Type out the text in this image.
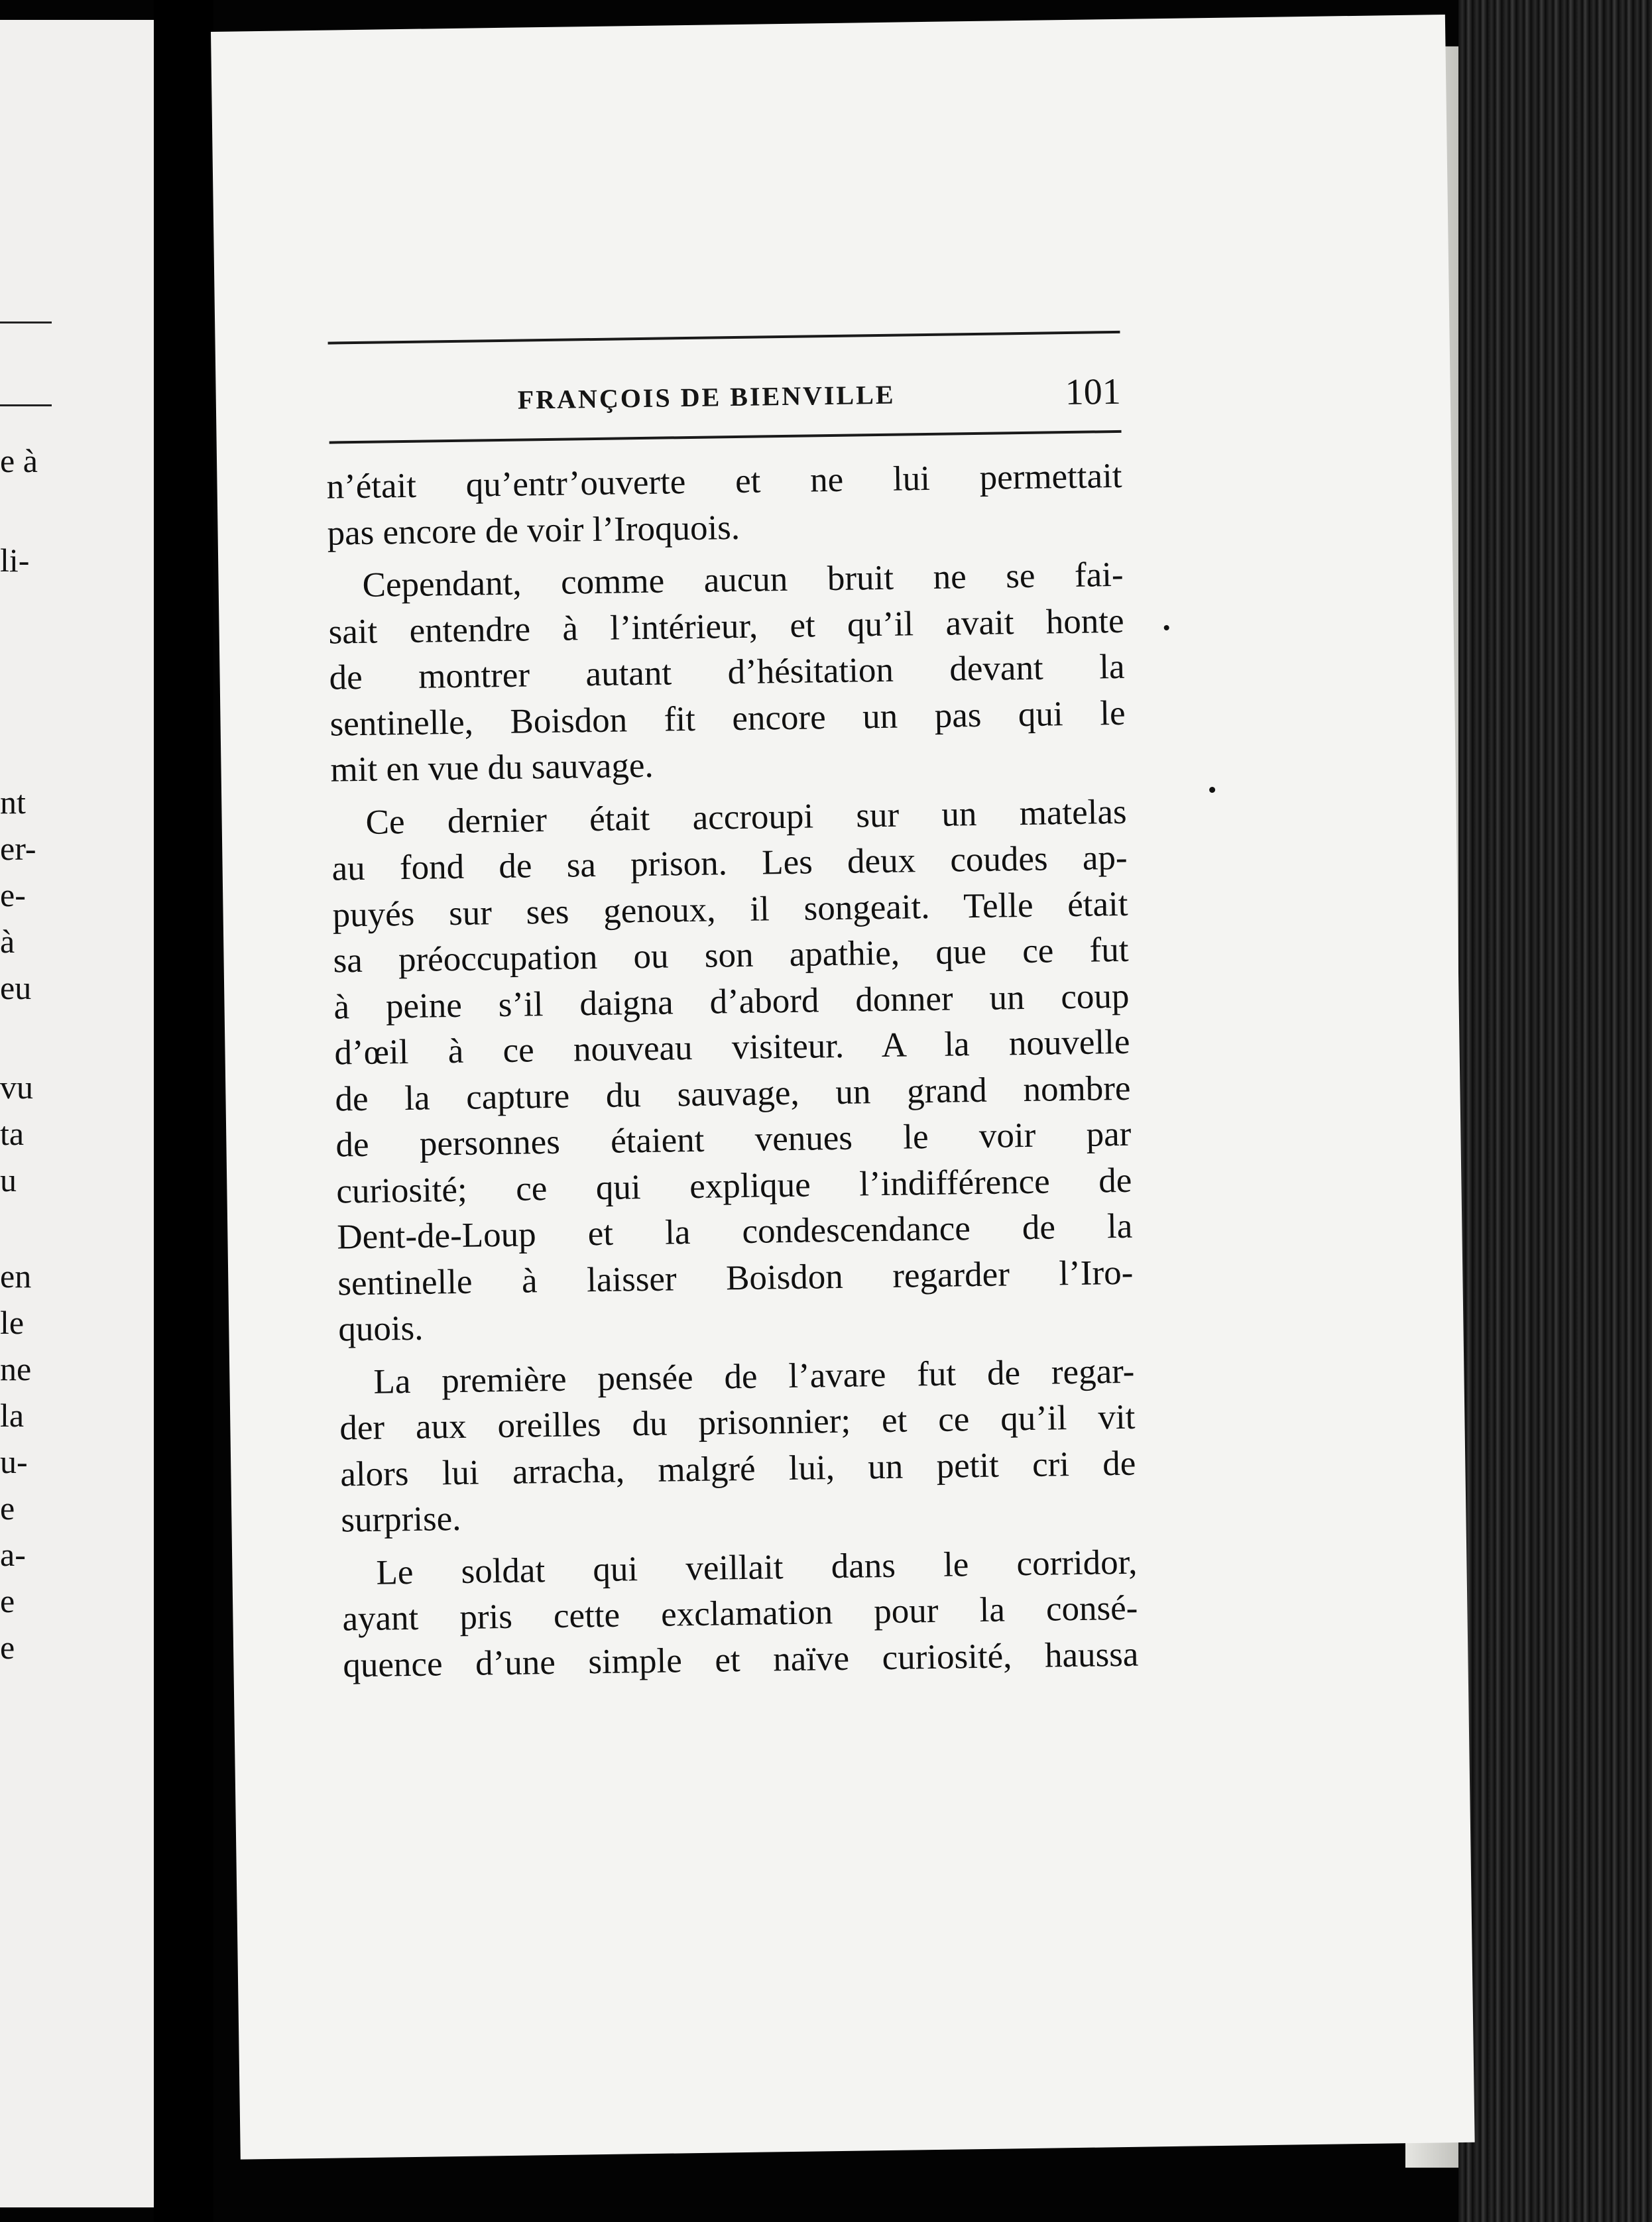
e à
li-
nt
er-
e-
à
eu
vu
ta
u
en
le
ne
la
u-
e
a-
e
e
FRANÇOIS DE BIENVILLE	101
n’était qu’entr’ouverte et ne lui permettait
pas encore de voir l’Iroquois.
Cependant, comme aucun bruit ne se fai-
sait entendre à l’intérieur, et qu’il avait honte
de montrer autant d’hésitation devant la
sentinelle, Boisdon fit encore un pas qui le
mit en vue du sauvage.
Ce dernier était accroupi sur un matelas
au fond de sa prison. Les deux coudes ap-
puyés sur ses genoux, il songeait. Telle était
sa préoccupation ou son apathie, que ce fut
à peine s’il daigna d’abord donner un coup
d’œil à ce nouveau visiteur. A la nouvelle
de la capture du sauvage, un grand nombre
de personnes étaient venues le voir par
curiosité; ce qui explique l’indifférence de
Dent-de-Loup et la condescendance de la
sentinelle à laisser Boisdon regarder l’Iro-
quois.
La première pensée de l’avare fut de regar-
der aux oreilles du prisonnier; et ce qu’il vit
alors lui arracha, malgré lui, un petit cri de
surprise.
Le soldat qui veillait dans le corridor,
ayant pris cette exclamation pour la consé-
quence d’une simple et naïve curiosité, haussa
